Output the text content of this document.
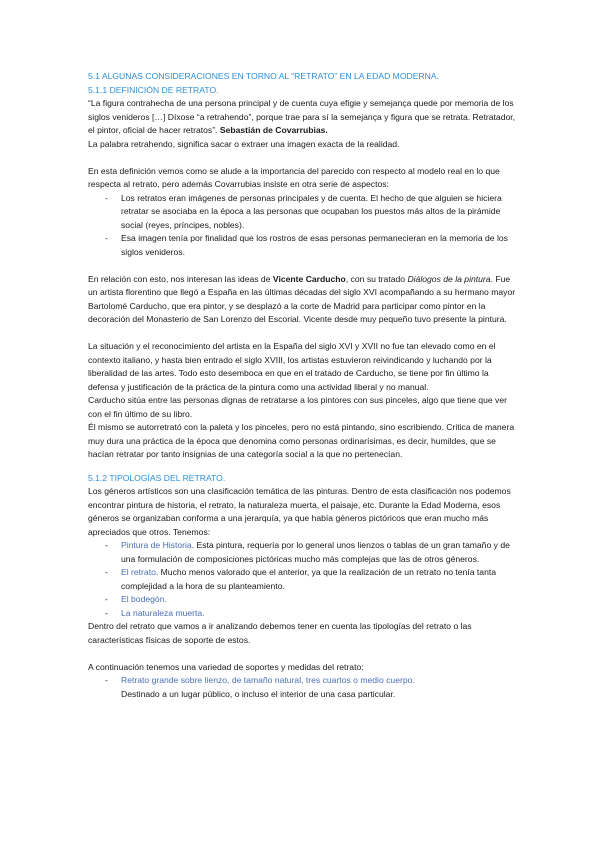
5.1 ALGUNAS CONSIDERACIONES EN TORNO AL “RETRATO” EN LA EDAD MODERNA.
5.1.1 DEFINICIÓN DE RETRATO.

“La figura contrahecha de una persona principal y de cuenta cuya efigie y semejança quede por memoria de los siglos venideros […] Díxose “a retrahendo”, porque trae para sí la semejança y figura que se retrata. Retratador, el pintor, oficial de hacer retratos”. Sebastián de Covarrubias.

La palabra retrahendo, significa sacar o extraer una imagen exacta de la realidad.

En esta definición vemos como se alude a la importancia del parecido con respecto al modelo real en lo que respecta al retrato, pero además Covarrubias insiste en otra serie de aspectos:

- Los retratos eran imágenes de personas principales y de cuenta. El hecho de que alguien se hiciera retratar se asociaba en la época a las personas que ocupaban los puestos más altos de la pirámide social (reyes, príncipes, nobles).
- Esa imagen tenía por finalidad que los rostros de esas personas permanecieran en la memoria de los siglos venideros.

En relación con esto, nos interesan las ideas de Vicente Carducho, con su tratado Diálogos de la pintura. Fue un artista florentino que llegó a España en las últimas décadas del siglo XVI acompañando a su hermano mayor Bartolomé Carducho, que era pintor, y se desplazó a la corte de Madrid para participar como pintor en la decoración del Monasterio de San Lorenzo del Escorial. Vicente desde muy pequeño tuvo presente la pintura.

La situación y el reconocimiento del artista en la España del siglo XVI y XVII no fue tan elevado como en el contexto italiano, y hasta bien entrado el siglo XVIII, los artistas estuvieron reivindicando y luchando por la liberalidad de las artes. Todo esto desemboca en que en el tratado de Carducho, se tiene por fin último la defensa y justificación de la práctica de la pintura como una actividad liberal y no manual.

Carducho sitúa entre las personas dignas de retratarse a los pintores con sus pinceles, algo que tiene que ver con el fin último de su libro.

Él mismo se autorretrató con la paleta y los pinceles, pero no está pintando, sino escribiendo. Critica de manera muy dura una práctica de la época que denomina como personas ordinarísimas, es decir, humildes, que se hacían retratar por tanto insignias de una categoría social a la que no pertenecían.

5.1.2 TIPOLOGÍAS DEL RETRATO.

Los géneros artísticos son una clasificación temática de las pinturas. Dentro de esta clasificación nos podemos encontrar pintura de historia, el retrato, la naturaleza muerta, el paisaje, etc. Durante la Edad Moderna, esos géneros se organizaban conforma a una jerarquía, ya que había géneros pictóricos que eran mucho más apreciados que otros. Tenemos:

- Pintura de Historia. Esta pintura, requería por lo general unos lienzos o tablas de un gran tamaño y de una formulación de composiciones pictóricas mucho más complejas que las de otros géneros.
- El retrato. Mucho menos valorado que el anterior, ya que la realización de un retrato no tenía tanta complejidad a la hora de su planteamiento.
- El bodegón.
- La naturaleza muerta.

Dentro del retrato que vamos a ir analizando debemos tener en cuenta las tipologías del retrato o las características físicas de soporte de estos.

A continuación tenemos una variedad de soportes y medidas del retrato:

- Retrato grande sobre lienzo, de tamaño natural, tres cuartos o medio cuerpo.
Destinado a un lugar público, o incluso el interior de una casa particular.
